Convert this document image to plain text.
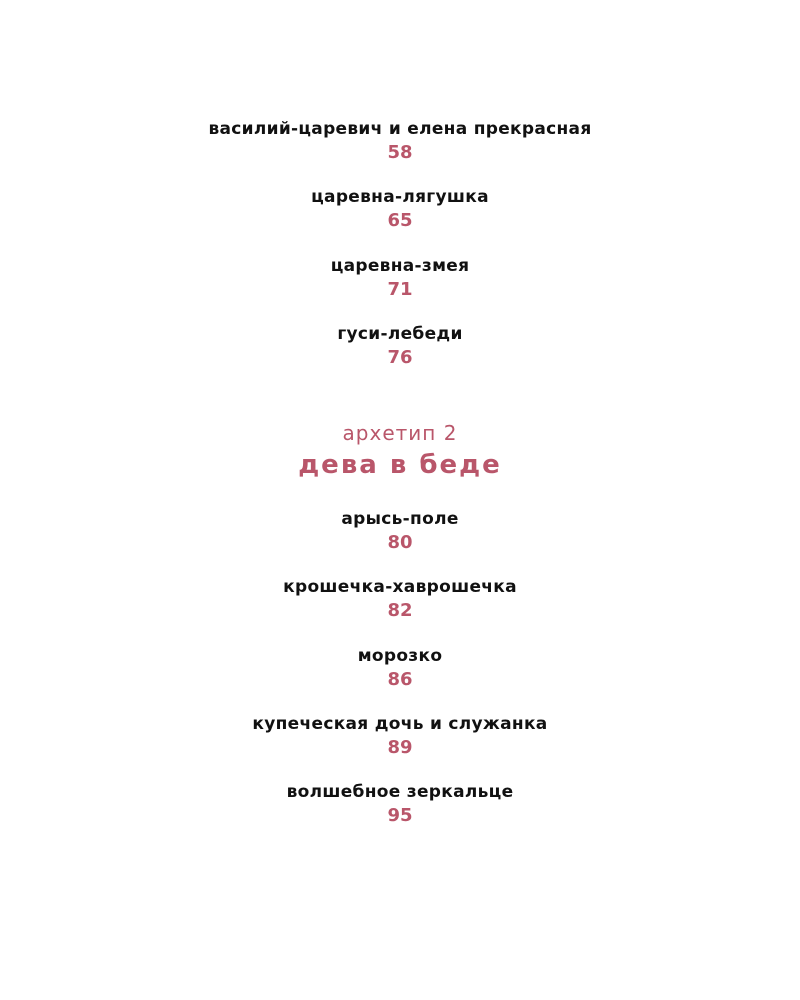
василий-царевич и елена прекрасная
58
царевна-лягушка
65
царевна-змея
71
гуси-лебеди
76
архетип 2
дева в беде
арысь-поле
80
крошечка-хаврошечка
82
морозко
86
купеческая дочь и служанка
89
волшебное зеркальце
95
